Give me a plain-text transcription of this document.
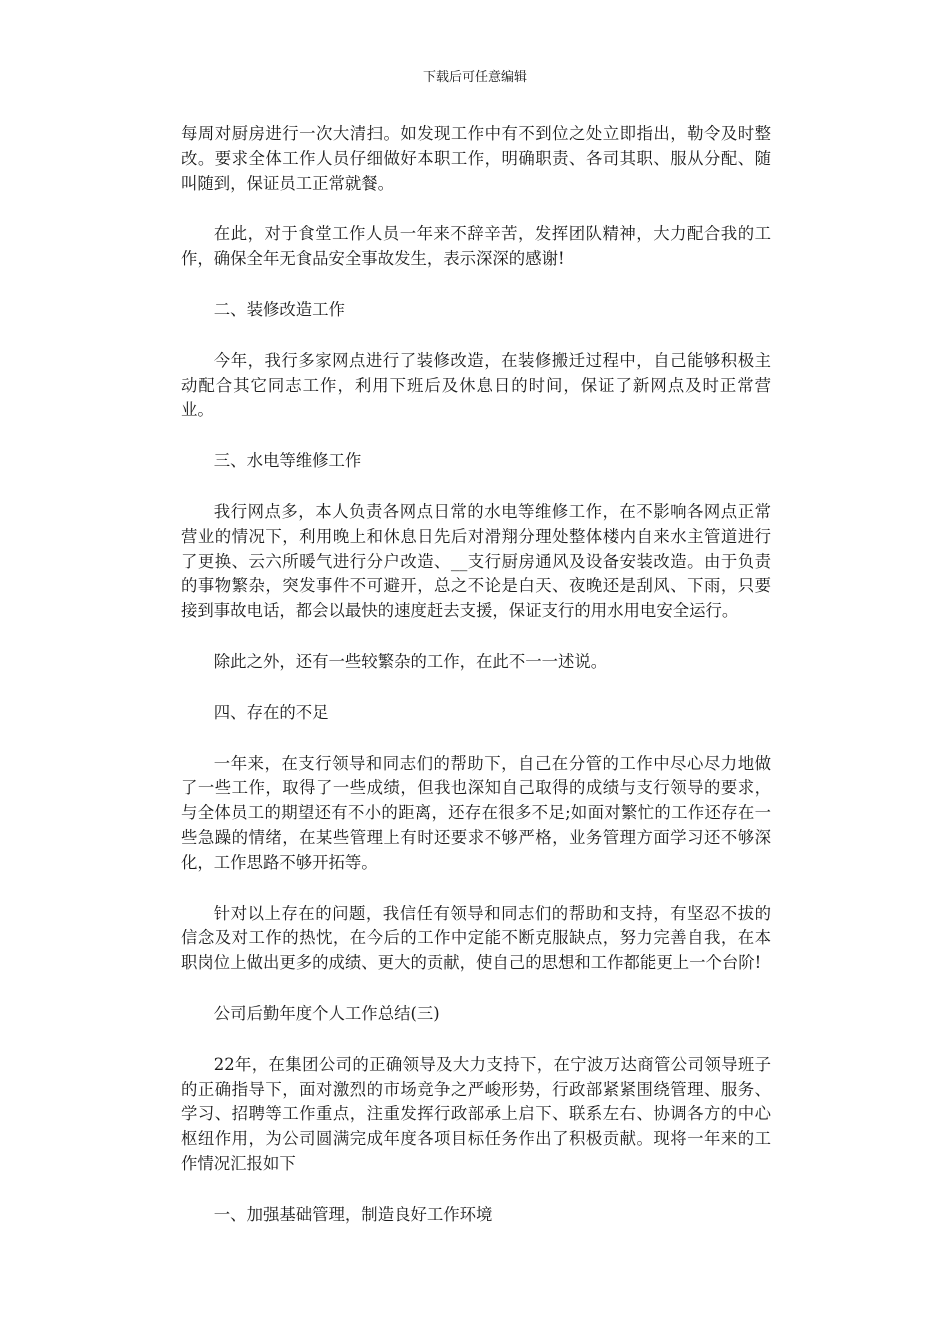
下载后可任意编辑

每周对厨房进行一次大清扫。如发现工作中有不到位之处立即指出，勒令及时整改。要求全体工作人员仔细做好本职工作，明确职责、各司其职、服从分配、随叫随到，保证员工正常就餐。

在此，对于食堂工作人员一年来不辞辛苦，发挥团队精神，大力配合我的工作，确保全年无食品安全事故发生，表示深深的感谢!

二、装修改造工作

今年，我行多家网点进行了装修改造，在装修搬迁过程中，自己能够积极主动配合其它同志工作，利用下班后及休息日的时间，保证了新网点及时正常营业。

三、水电等维修工作

我行网点多，本人负责各网点日常的水电等维修工作，在不影响各网点正常营业的情况下，利用晚上和休息日先后对滑翔分理处整体楼内自来水主管道进行了更换、云六所暖气进行分户改造、__支行厨房通风及设备安装改造。由于负责的事物繁杂，突发事件不可避开，总之不论是白天、夜晚还是刮风、下雨，只要接到事故电话，都会以最快的速度赶去支援，保证支行的用水用电安全运行。

除此之外，还有一些较繁杂的工作，在此不一一述说。

四、存在的不足

一年来，在支行领导和同志们的帮助下，自己在分管的工作中尽心尽力地做了一些工作，取得了一些成绩，但我也深知自己取得的成绩与支行领导的要求，与全体员工的期望还有不小的距离，还存在很多不足;如面对繁忙的工作还存在一些急躁的情绪，在某些管理上有时还要求不够严格，业务管理方面学习还不够深化，工作思路不够开拓等。

针对以上存在的问题，我信任有领导和同志们的帮助和支持，有坚忍不拔的信念及对工作的热忱，在今后的工作中定能不断克服缺点，努力完善自我，在本职岗位上做出更多的成绩、更大的贡献，使自己的思想和工作都能更上一个台阶!

公司后勤年度个人工作总结(三)

22年，在集团公司的正确领导及大力支持下，在宁波万达商管公司领导班子的正确指导下，面对激烈的市场竞争之严峻形势，行政部紧紧围绕管理、服务、学习、招聘等工作重点，注重发挥行政部承上启下、联系左右、协调各方的中心枢纽作用，为公司圆满完成年度各项目标任务作出了积极贡献。现将一年来的工作情况汇报如下

一、加强基础管理，制造良好工作环境
